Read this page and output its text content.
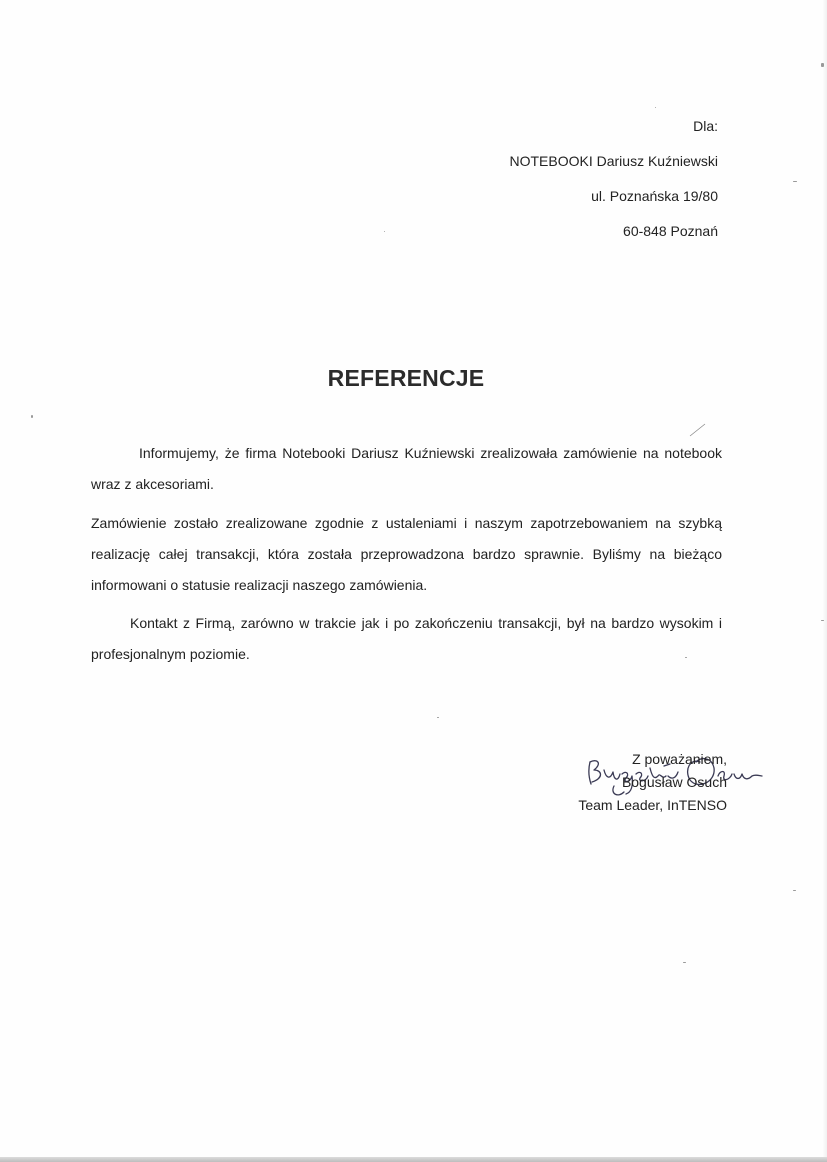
Dla:
NOTEBOOKI Dariusz Kuźniewski
ul. Poznańska 19/80
60-848 Poznań
REFERENCJE
Informujemy, że firma Notebooki Dariusz Kuźniewski zrealizowała zamówienie na notebook wraz z akcesoriami.
Zamówienie zostało zrealizowane zgodnie z ustaleniami i naszym zapotrzebowaniem na szybką realizację całej transakcji, która została przeprowadzona bardzo sprawnie. Byliśmy na bieżąco informowani o statusie realizacji naszego zamówienia.
Kontakt z Firmą, zarówno w trakcie jak i po zakończeniu transakcji, był na bardzo wysokim i profesjonalnym poziomie.
Z poważaniem,
Bogusław Osuch
Team Leader, InTENSO
